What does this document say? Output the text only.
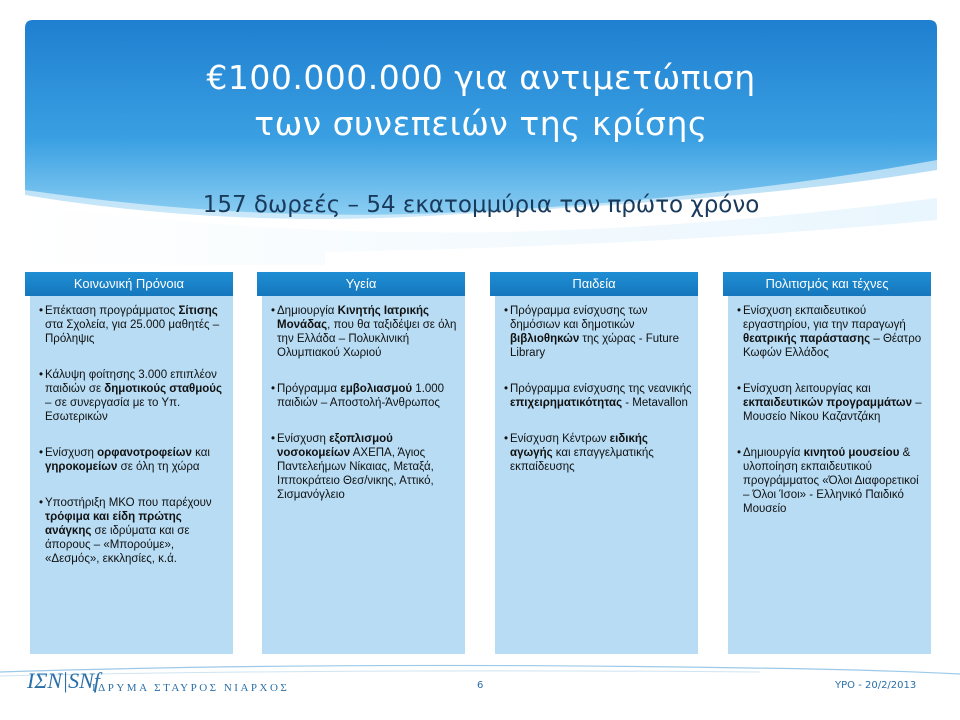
€100.000.000 για αντιμετώπιση
των συνεπειών της κρίσης
157 δωρεές – 54 εκατομμύρια τον πρώτο χρόνο
Κοινωνική Πρόνοια
• Επέκταση προγράμματος Σίτισης στα Σχολεία, για 25.000 μαθητές – Πρόληψις
• Κάλυψη φοίτησης 3.000 επιπλέον παιδιών σε δημοτικούς σταθμούς – σε συνεργασία με το Υπ. Εσωτερικών
• Ενίσχυση ορφανοτροφείων και γηροκομείων σε όλη τη χώρα
• Υποστήριξη ΜΚΟ που παρέχουν τρόφιμα και είδη πρώτης ανάγκης σε ιδρύματα και σε άπορους – «Μπορούμε», «Δεσμός», εκκλησίες, κ.ά.
Υγεία
• Δημιουργία Κινητής Ιατρικής Μονάδας, που θα ταξιδέψει σε όλη την Ελλάδα – Πολυκλινική Ολυμπιακού Χωριού
• Πρόγραμμα εμβολιασμού 1.000 παιδιών – Αποστολή-Άνθρωπος
• Ενίσχυση εξοπλισμού νοσοκομείων ΑΧΕΠΑ, Άγιος Παντελεήμων Νίκαιας, Μεταξά, Ιπποκράτειο Θεσ/νικης, Αττικό, Σισμανόγλειο
Παιδεία
• Πρόγραμμα ενίσχυσης των δημόσιων και δημοτικών βιβλιοθηκών της χώρας - Future Library
• Πρόγραμμα ενίσχυσης της νεανικής επιχειρηματικότητας - Metavallon
• Ενίσχυση Κέντρων ειδικής αγωγής και επαγγελματικής εκπαίδευσης
Πολιτισμός και τέχνες
• Ενίσχυση εκπαιδευτικού εργαστηρίου, για την παραγωγή θεατρικής παράστασης – Θέατρο Κωφών Ελλάδος
• Ενίσχυση λειτουργίας και εκπαιδευτικών προγραμμάτων – Μουσείο Νίκου Καζαντζάκη
• Δημιουργία κινητού μουσείου & υλοποίηση εκπαιδευτικού προγράμματος «Όλοι Διαφορετικοί – Όλοι Ίσοι» - Ελληνικό Παιδικό Μουσείο
ΙΣΝ|SNf
ΙΔΡΥΜΑ ΣΤΑΥΡΟΣ ΝΙΑΡΧΟΣ	6	YPO - 20/2/2013
